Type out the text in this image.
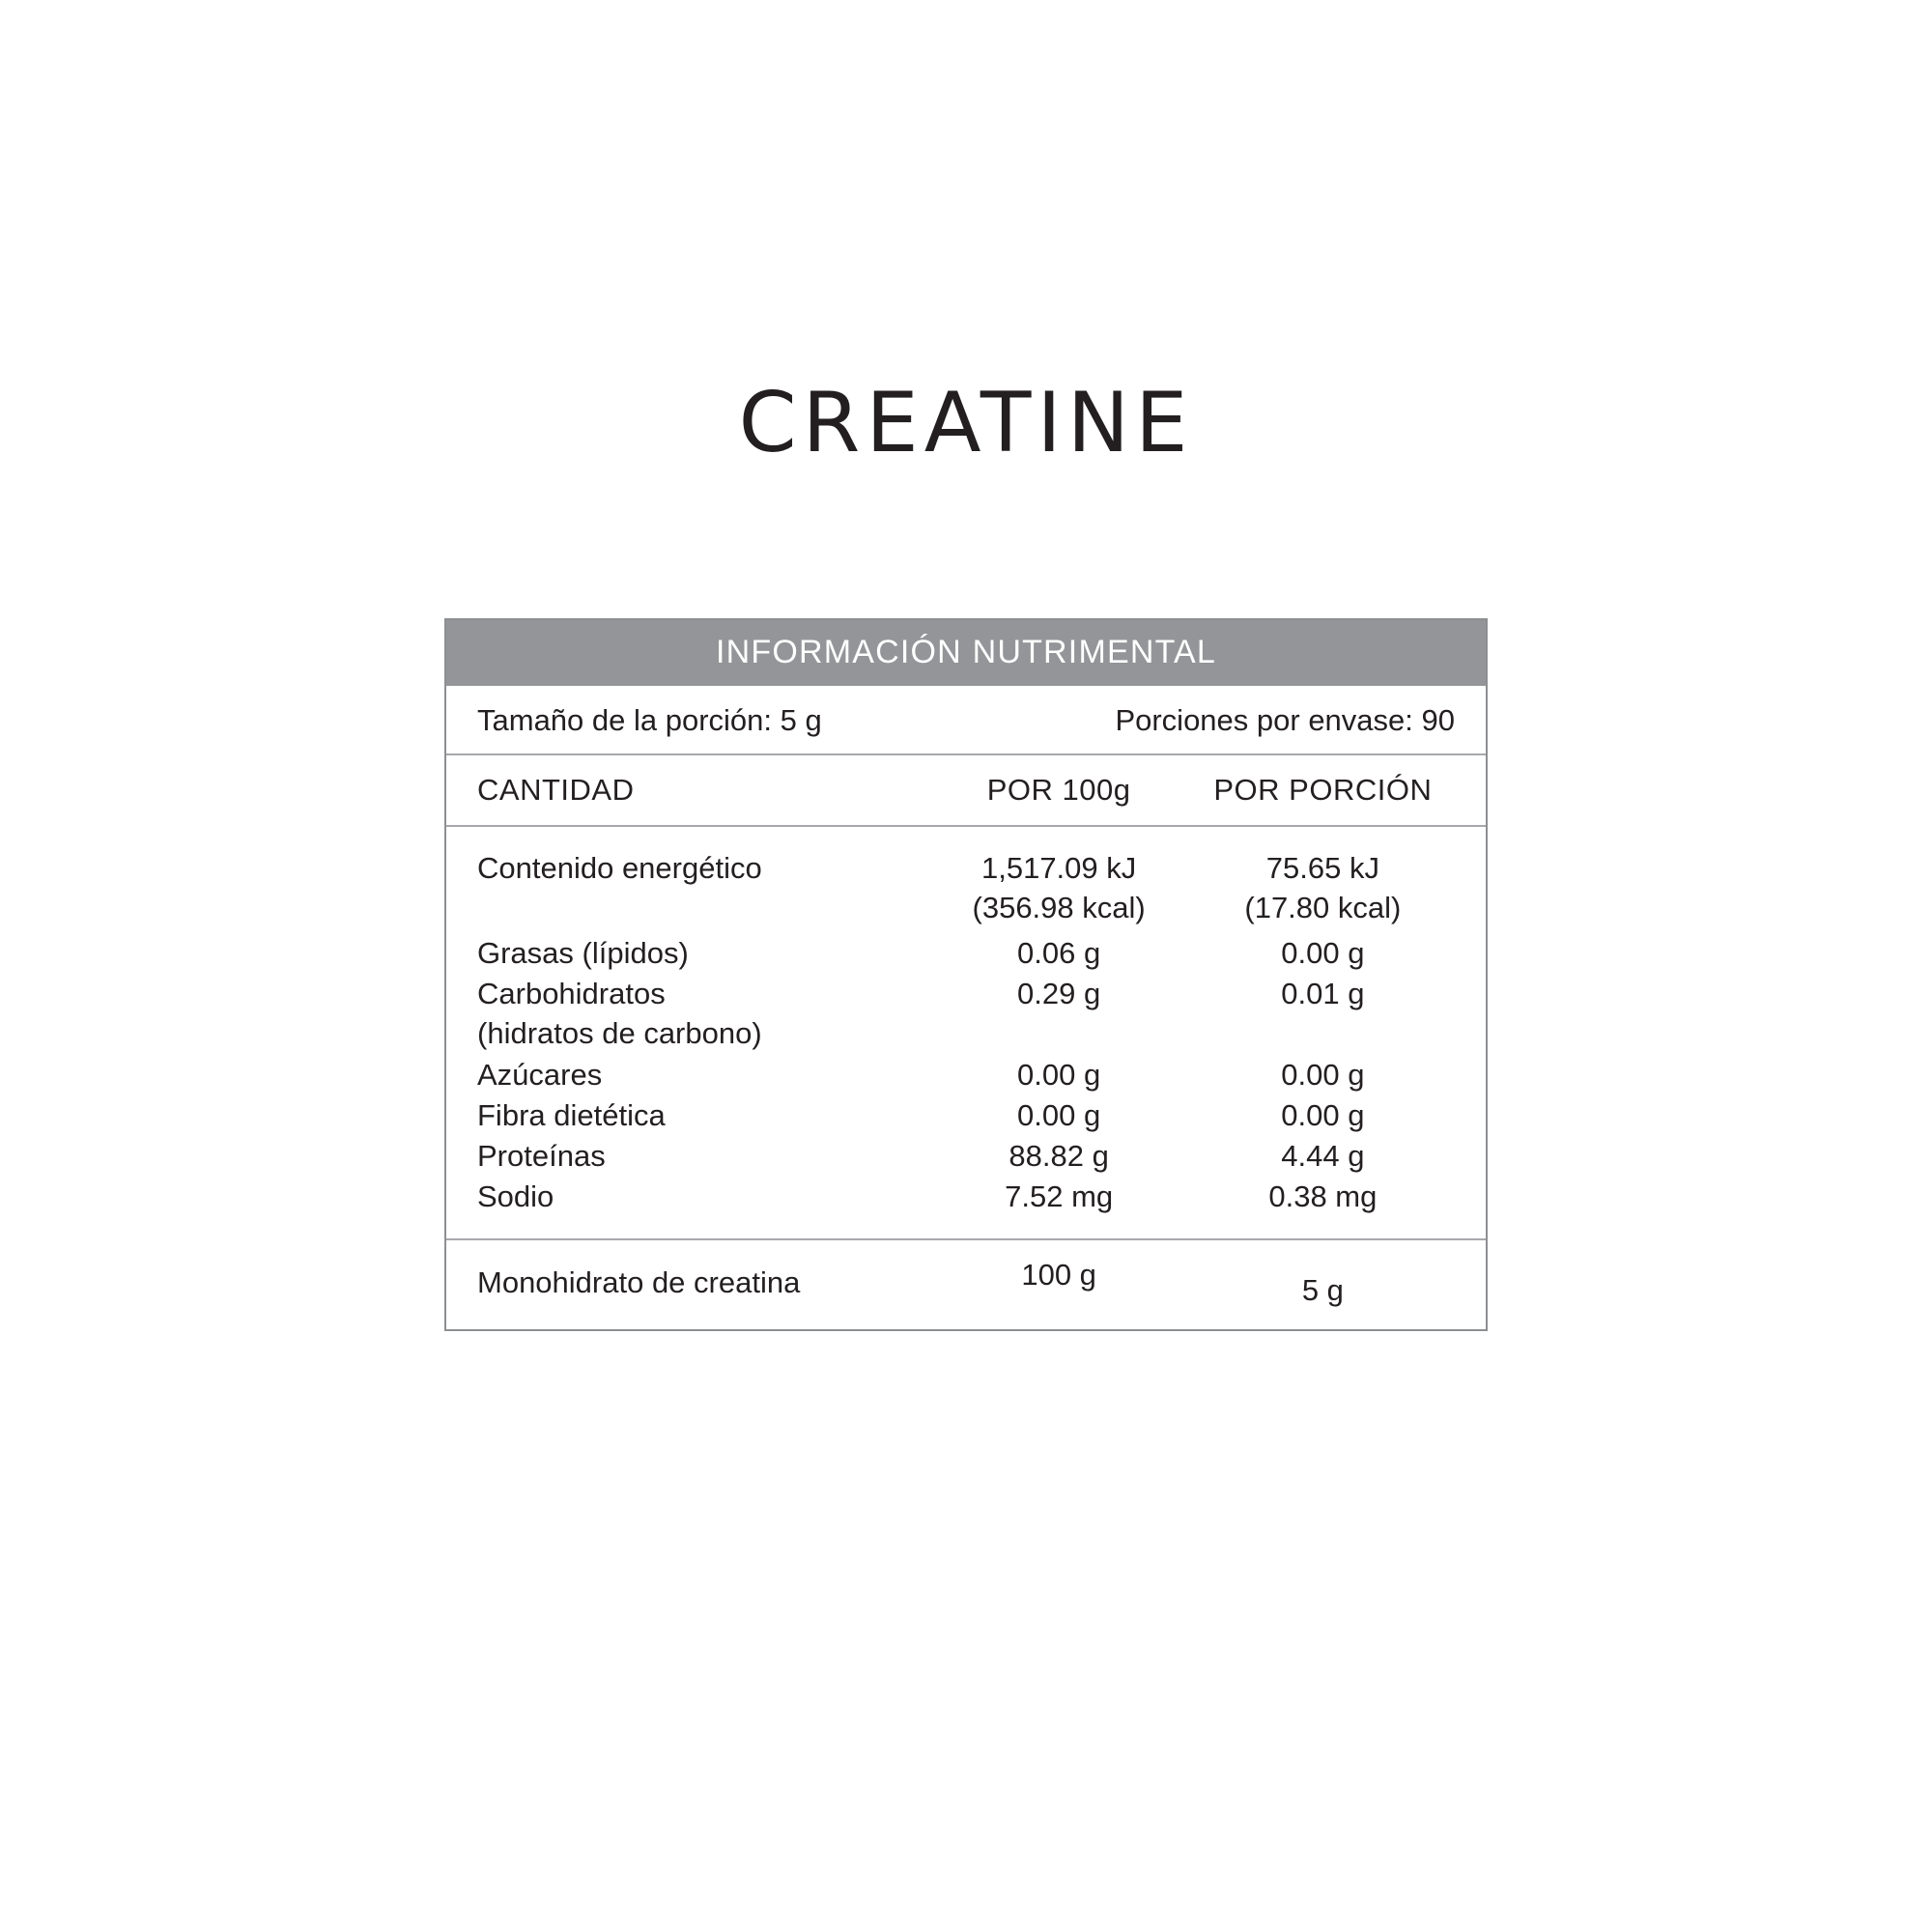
CREATINE
INFORMACIÓN NUTRIMENTAL
Tamaño de la porción: 5 g	Porciones por envase: 90
CANTIDAD	POR 100g	POR PORCIÓN
Contenido energético	1,517.09 kJ	75.65 kJ
(356.98 kcal)	(17.80 kcal)
Grasas (lípidos)	0.06 g	0.00 g
Carbohidratos	0.29 g	0.01 g
(hidratos de carbono)
Azúcares	0.00 g	0.00 g
Fibra dietética	0.00 g	0.00 g
Proteínas	88.82 g	4.44 g
Sodio	7.52 mg	0.38 mg
Monohidrato de creatina	100 g	5 g
